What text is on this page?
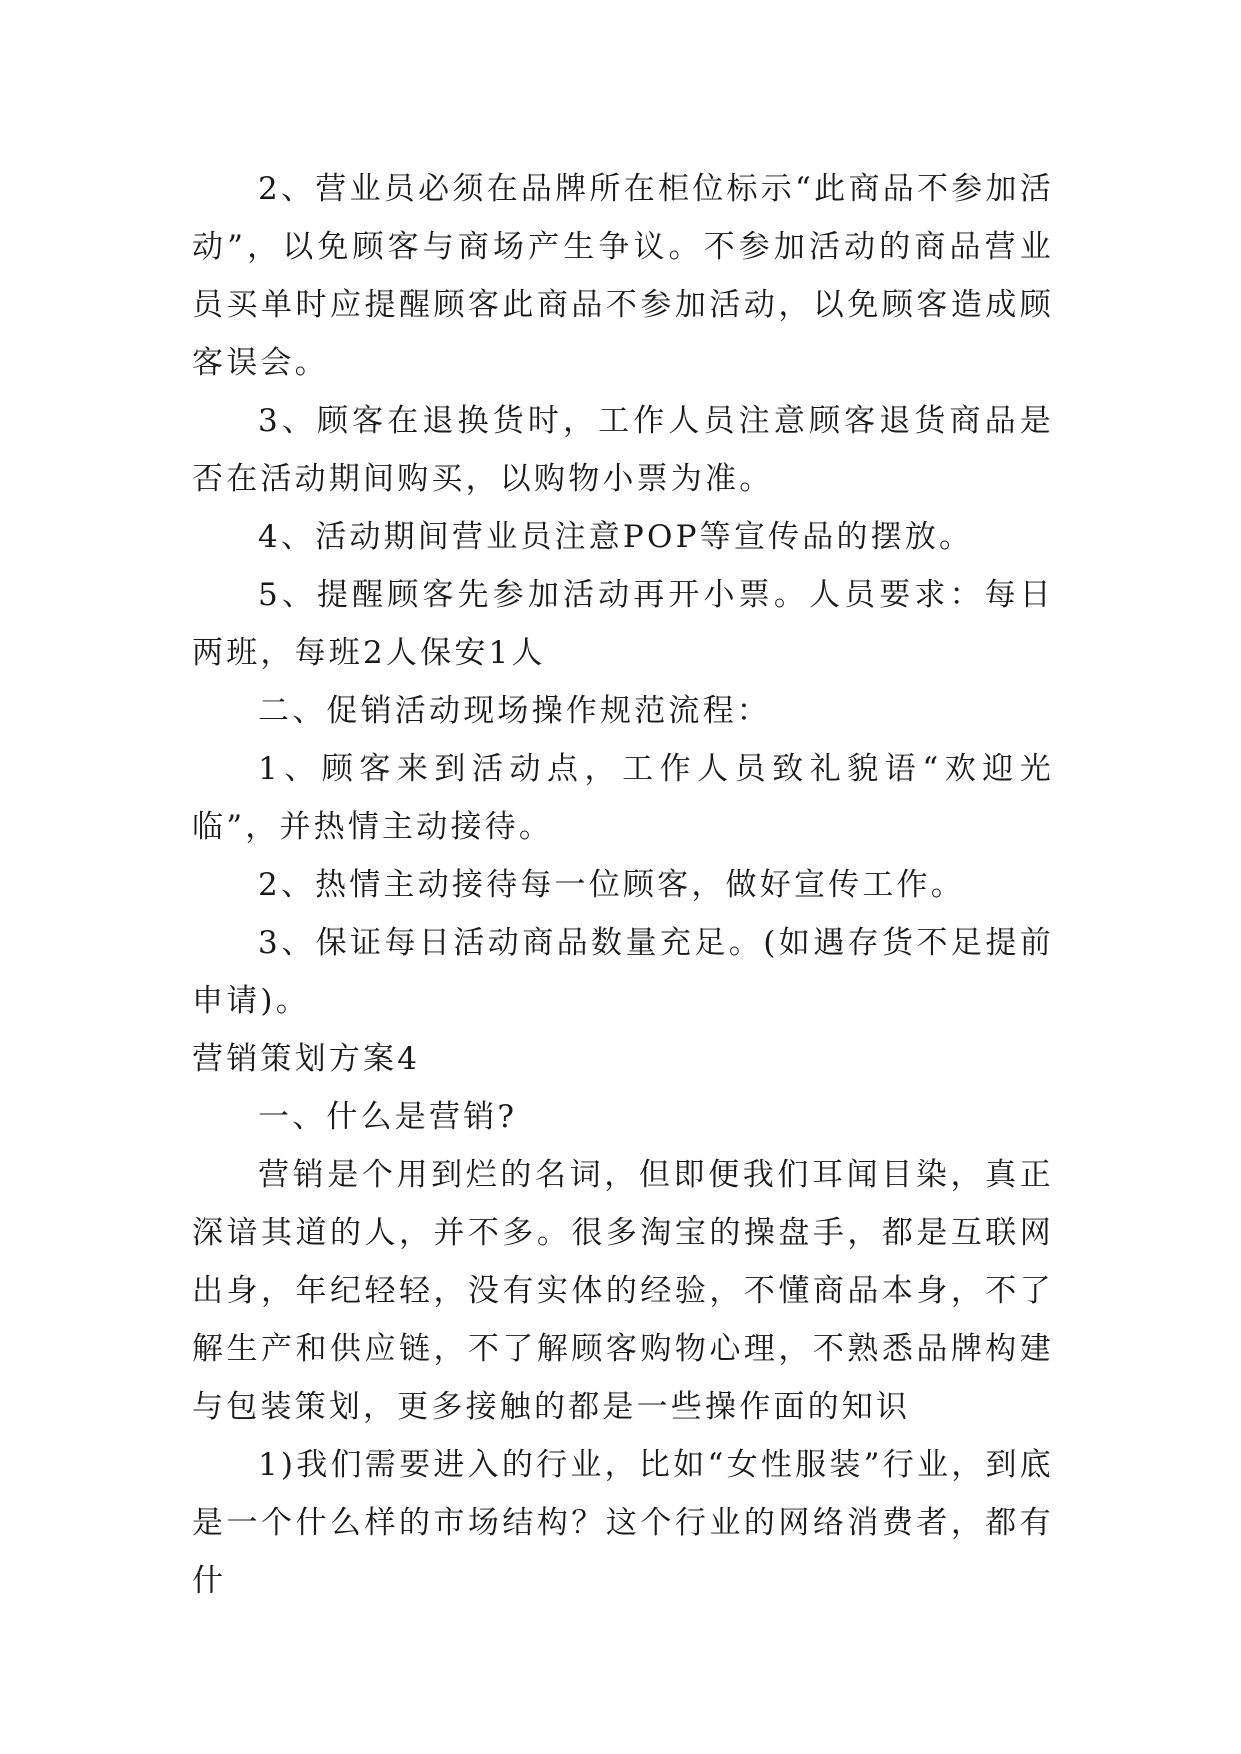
2、营业员必须在品牌所在柜位标示“此商品不参加活动”，以免顾客与商场产生争议。不参加活动的商品营业员买单时应提醒顾客此商品不参加活动，以免顾客造成顾客误会。

3、顾客在退换货时，工作人员注意顾客退货商品是否在活动期间购买，以购物小票为准。

4、活动期间营业员注意POP等宣传品的摆放。

5、提醒顾客先参加活动再开小票。人员要求：每日两班，每班2人保安1人

二、促销活动现场操作规范流程：

1、顾客来到活动点，工作人员致礼貌语“欢迎光临”，并热情主动接待。

2、热情主动接待每一位顾客，做好宣传工作。

3、保证每日活动商品数量充足。(如遇存货不足提前申请)。

营销策划方案4

一、什么是营销?

营销是个用到烂的名词，但即便我们耳闻目染，真正深谙其道的人，并不多。很多淘宝的操盘手，都是互联网出身，年纪轻轻，没有实体的经验，不懂商品本身，不了解生产和供应链，不了解顾客购物心理，不熟悉品牌构建与包装策划，更多接触的都是一些操作面的知识

1)我们需要进入的行业，比如“女性服装”行业，到底是一个什么样的市场结构？这个行业的网络消费者，都有什
